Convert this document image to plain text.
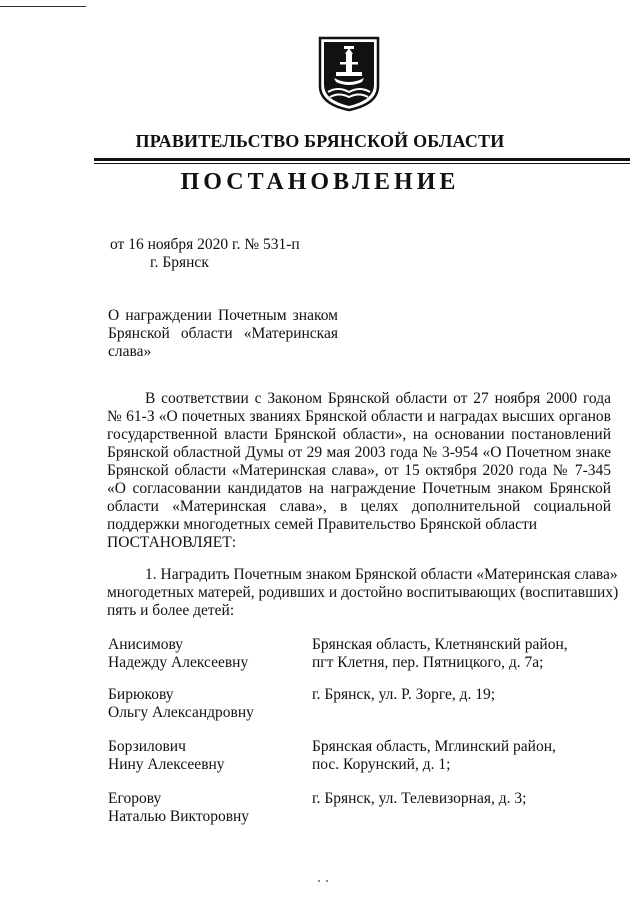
ПРАВИТЕЛЬСТВО БРЯНСКОЙ ОБЛАСТИ
ПОСТАНОВЛЕНИЕ
от 16 ноября 2020 г. № 531-п
г. Брянск
О награждении Почетным знаком
Брянской области «Материнская
слава»
В соответствии с Законом Брянской области от 27 ноября 2000 года
№ 61-З «О почетных званиях Брянской области и наградах высших органов
государственной власти Брянской области», на основании постановлений
Брянской областной Думы от 29 мая 2003 года № 3-954 «О Почетном знаке
Брянской области «Материнская слава», от 15 октября 2020 года № 7-345
«О согласовании кандидатов на награждение Почетным знаком Брянской
области «Материнская слава», в целях дополнительной социальной
поддержки многодетных семей Правительство Брянской области
ПОСТАНОВЛЯЕТ:
1. Наградить Почетным знаком Брянской области «Материнская слава»
многодетных матерей, родивших и достойно воспитывающих (воспитавших)
пять и более детей:
Анисимову
Надежду Алексеевну
Брянская область, Клетнянский район,
пгт Клетня, пер. Пятницкого, д. 7а;
Бирюкову
Ольгу Александровну
г. Брянск, ул. Р. Зорге, д. 19;
Борзилович
Нину Алексеевну
Брянская область, Мглинский район,
пос. Корунский, д. 1;
Егорову
Наталью Викторовну
г. Брянск, ул. Телевизорная, д. 3;
